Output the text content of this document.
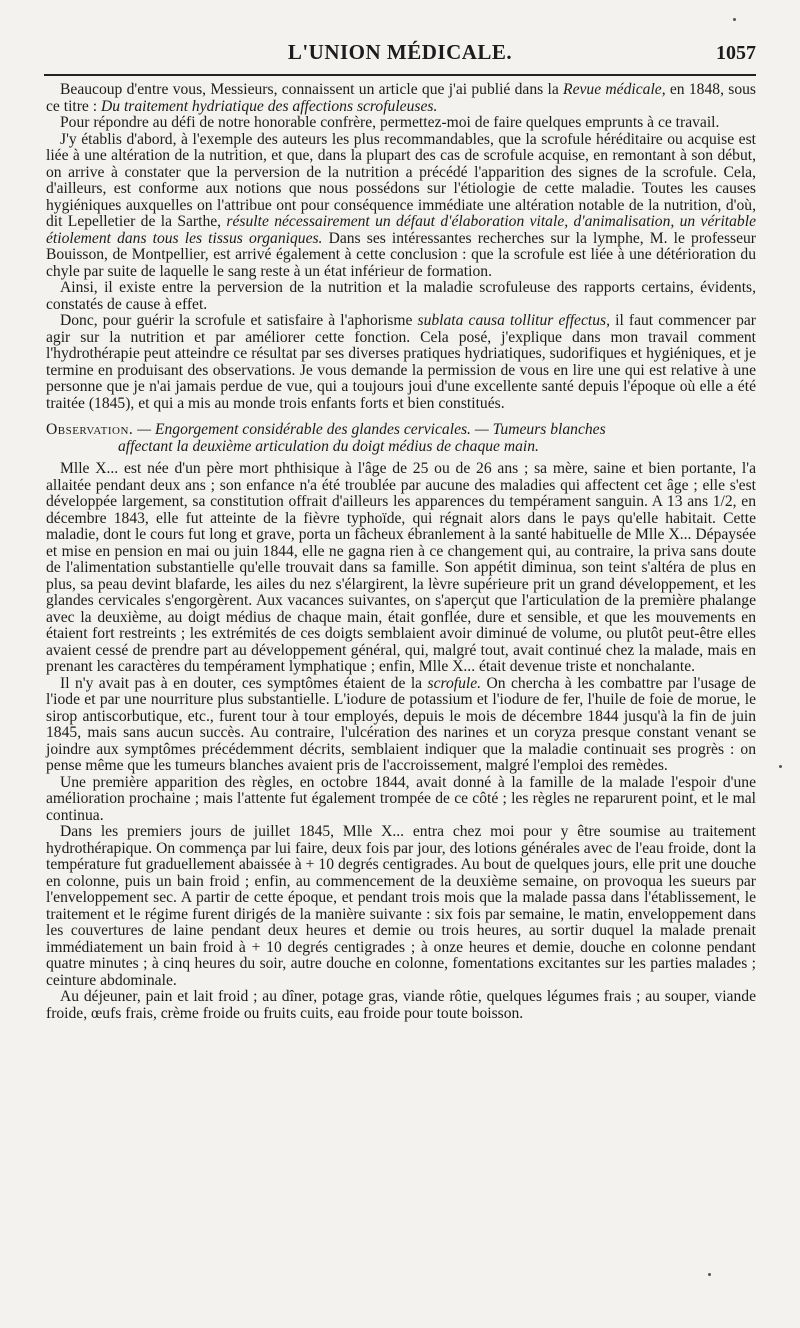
L'UNION MÉDICALE.	1057

Beaucoup d'entre vous, Messieurs, connaissent un article que j'ai publié dans la Revue médicale, en 1848, sous ce titre : Du traitement hydriatique des affections scrofuleuses.

Pour répondre au défi de notre honorable confrère, permettez-moi de faire quelques emprunts à ce travail.

J'y établis d'abord, à l'exemple des auteurs les plus recommandables, que la scrofule héréditaire ou acquise est liée à une altération de la nutrition, et que, dans la plupart des cas de scrofule acquise, en remontant à son début, on arrive à constater que la perversion de la nutrition a précédé l'apparition des signes de la scrofule. Cela, d'ailleurs, est conforme aux notions que nous possédons sur l'étiologie de cette maladie. Toutes les causes hygiéniques auxquelles on l'attribue ont pour conséquence immédiate une altération notable de la nutrition, d'où, dit Lepelletier de la Sarthe, résulte nécessairement un défaut d'élaboration vitale, d'animalisation, un véritable étiolement dans tous les tissus organiques. Dans ses intéressantes recherches sur la lymphe, M. le professeur Bouisson, de Montpellier, est arrivé également à cette conclusion : que la scrofule est liée à une détérioration du chyle par suite de laquelle le sang reste à un état inférieur de formation.

Ainsi, il existe entre la perversion de la nutrition et la maladie scrofuleuse des rapports certains, évidents, constatés de cause à effet.

Donc, pour guérir la scrofule et satisfaire à l'aphorisme sublata causa tollitur effectus, il faut commencer par agir sur la nutrition et par améliorer cette fonction. Cela posé, j'explique dans mon travail comment l'hydrothérapie peut atteindre ce résultat par ses diverses pratiques hydriatiques, sudorifiques et hygiéniques, et je termine en produisant des observations. Je vous demande la permission de vous en lire une qui est relative à une personne que je n'ai jamais perdue de vue, qui a toujours joui d'une excellente santé depuis l'époque où elle a été traitée (1845), et qui a mis au monde trois enfants forts et bien constitués.

Observation. — Engorgement considérable des glandes cervicales. — Tumeurs blanches

affectant la deuxième articulation du doigt médius de chaque main.

Mlle X... est née d'un père mort phthisique à l'âge de 25 ou de 26 ans ; sa mère, saine et bien portante, l'a allaitée pendant deux ans ; son enfance n'a été troublée par aucune des maladies qui affectent cet âge ; elle s'est développée largement, sa constitution offrait d'ailleurs les apparences du tempérament sanguin. A 13 ans 1/2, en décembre 1843, elle fut atteinte de la fièvre typhoïde, qui régnait alors dans le pays qu'elle habitait. Cette maladie, dont le cours fut long et grave, porta un fâcheux ébranlement à la santé habituelle de Mlle X... Dépaysée et mise en pension en mai ou juin 1844, elle ne gagna rien à ce changement qui, au contraire, la priva sans doute de l'alimentation substantielle qu'elle trouvait dans sa famille. Son appétit diminua, son teint s'altéra de plus en plus, sa peau devint blafarde, les ailes du nez s'élargirent, la lèvre supérieure prit un grand développement, et les glandes cervicales s'engorgèrent. Aux vacances suivantes, on s'aperçut que l'articulation de la première phalange avec la deuxième, au doigt médius de chaque main, était gonflée, dure et sensible, et que les mouvements en étaient fort restreints ; les extrémités de ces doigts semblaient avoir diminué de volume, ou plutôt peut-être elles avaient cessé de prendre part au développement général, qui, malgré tout, avait continué chez la malade, mais en prenant les caractères du tempérament lymphatique ; enfin, Mlle X... était devenue triste et nonchalante.

Il n'y avait pas à en douter, ces symptômes étaient de la scrofule. On chercha à les combattre par l'usage de l'iode et par une nourriture plus substantielle. L'iodure de potassium et l'iodure de fer, l'huile de foie de morue, le sirop antiscorbutique, etc., furent tour à tour employés, depuis le mois de décembre 1844 jusqu'à la fin de juin 1845, mais sans aucun succès. Au contraire, l'ulcération des narines et un coryza presque constant venant se joindre aux symptômes précédemment décrits, semblaient indiquer que la maladie continuait ses progrès : on pense même que les tumeurs blanches avaient pris de l'accroissement, malgré l'emploi des remèdes.

Une première apparition des règles, en octobre 1844, avait donné à la famille de la malade l'espoir d'une amélioration prochaine ; mais l'attente fut également trompée de ce côté ; les règles ne reparurent point, et le mal continua.

Dans les premiers jours de juillet 1845, Mlle X... entra chez moi pour y être soumise au traitement hydrothérapique. On commença par lui faire, deux fois par jour, des lotions générales avec de l'eau froide, dont la température fut graduellement abaissée à + 10 degrés centigrades. Au bout de quelques jours, elle prit une douche en colonne, puis un bain froid ; enfin, au commencement de la deuxième semaine, on provoqua les sueurs par l'enveloppement sec. A partir de cette époque, et pendant trois mois que la malade passa dans l'établissement, le traitement et le régime furent dirigés de la manière suivante : six fois par semaine, le matin, enveloppement dans les couvertures de laine pendant deux heures et demie ou trois heures, au sortir duquel la malade prenait immédiatement un bain froid à + 10 degrés centigrades ; à onze heures et demie, douche en colonne pendant quatre minutes ; à cinq heures du soir, autre douche en colonne, fomentations excitantes sur les parties malades ; ceinture abdominale.

Au déjeuner, pain et lait froid ; au dîner, potage gras, viande rôtie, quelques légumes frais ; au souper, viande froide, œufs frais, crème froide ou fruits cuits, eau froide pour toute boisson.
